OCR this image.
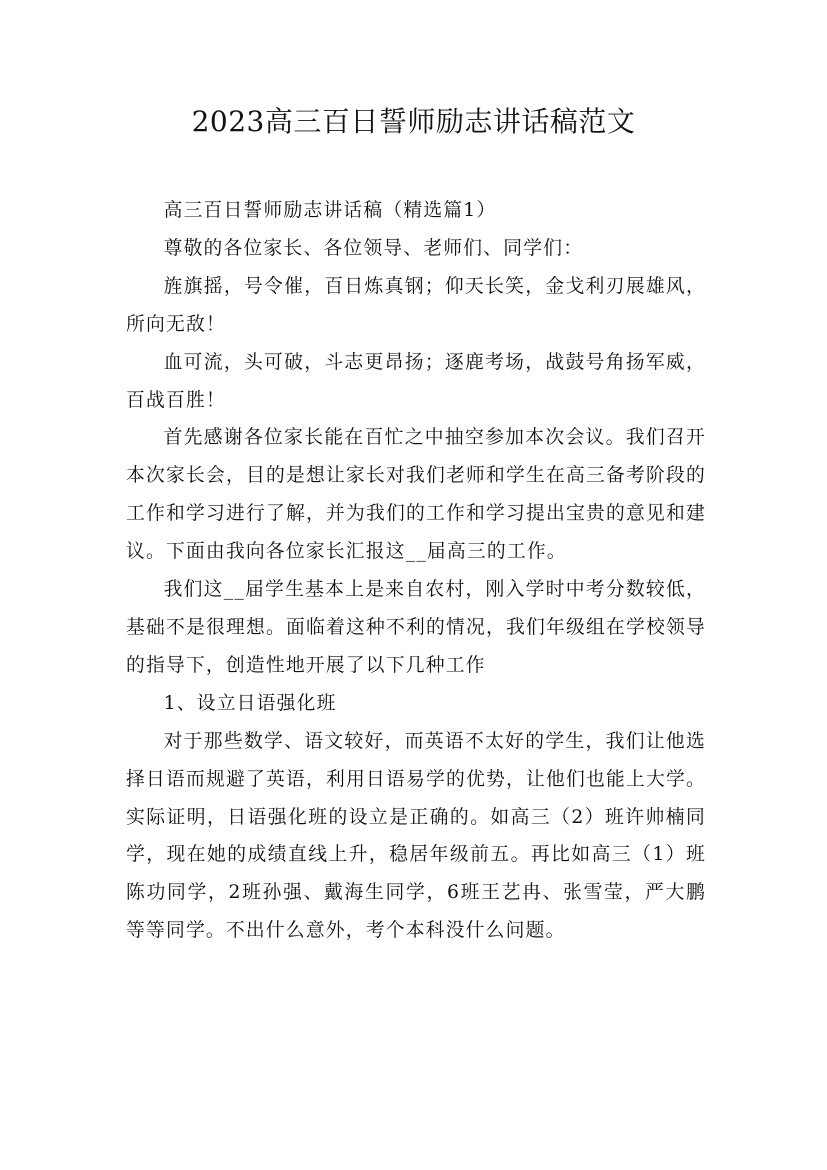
2023高三百日誓师励志讲话稿范文

高三百日誓师励志讲话稿（精选篇1）

尊敬的各位家长、各位领导、老师们、同学们：

旌旗摇，号令催，百日炼真钢；仰天长笑，金戈利刃展雄风，所向无敌！

血可流，头可破，斗志更昂扬；逐鹿考场，战鼓号角扬军威，百战百胜！

首先感谢各位家长能在百忙之中抽空参加本次会议。我们召开本次家长会，目的是想让家长对我们老师和学生在高三备考阶段的工作和学习进行了解，并为我们的工作和学习提出宝贵的意见和建议。下面由我向各位家长汇报这__届高三的工作。

我们这__届学生基本上是来自农村，刚入学时中考分数较低，基础不是很理想。面临着这种不利的情况，我们年级组在学校领导的指导下，创造性地开展了以下几种工作

1、设立日语强化班

对于那些数学、语文较好，而英语不太好的学生，我们让他选择日语而规避了英语，利用日语易学的优势，让他们也能上大学。实际证明，日语强化班的设立是正确的。如高三（2）班许帅楠同学，现在她的成绩直线上升，稳居年级前五。再比如高三（1）班陈功同学，2班孙强、戴海生同学，6班王艺冉、张雪莹，严大鹏等等同学。不出什么意外，考个本科没什么问题。
